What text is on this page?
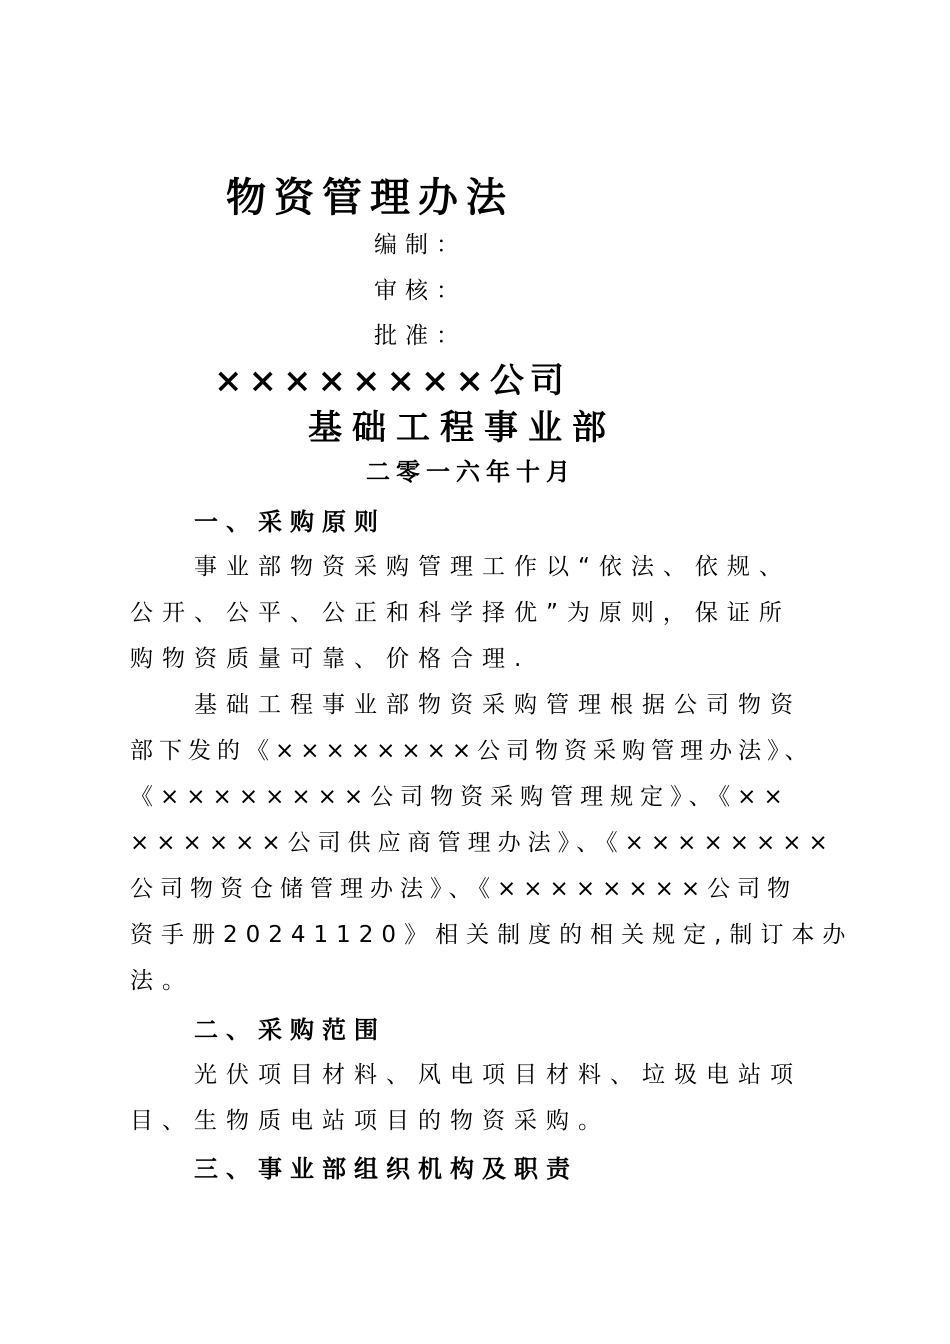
物资管理办法
编制：
审核：
批准：
××××××××公司
基础工程事业部
二零一六年十月
一、采购原则
事业部物资采购管理工作以“依法、依规、
公开、公平、公正和科学择优”为原则，保证所
购物资质量可靠、价格合理.
基础工程事业部物资采购管理根据公司物资
部下发的《××××××××公司物资采购管理办法》、
《××××××××公司物资采购管理规定》、《××
××××××公司供应商管理办法》、《××××××××
公司物资仓储管理办法》、《××××××××公司物
资手册20241120》相关制度的相关规定,制订本办
法。
二、采购范围
光伏项目材料、风电项目材料、垃圾电站项
目、生物质电站项目的物资采购。
三、事业部组织机构及职责
